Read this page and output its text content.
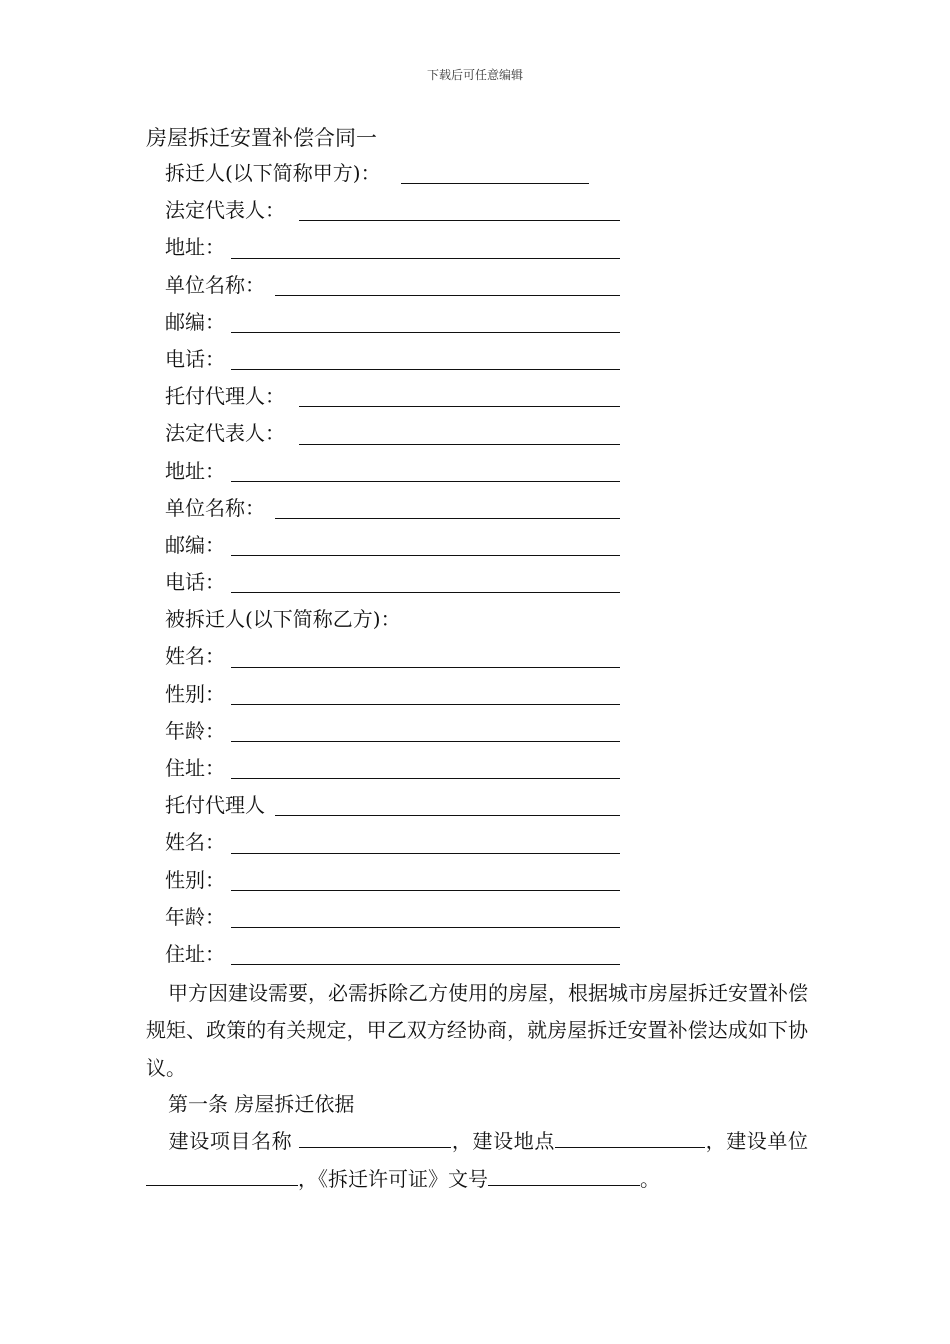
下载后可任意编辑
房屋拆迁安置补偿合同一
拆迁人(以下简称甲方)：
法定代表人：
地址：
单位名称：
邮编：
电话：
托付代理人：
法定代表人：
地址：
单位名称：
邮编：
电话：
被拆迁人(以下简称乙方)：
姓名：
性别：
年龄：
住址：
托付代理人
姓名：
性别：
年龄：
住址：
甲方因建设需要，必需拆除乙方使用的房屋，根据城市房屋拆迁安置补偿规矩、政策的有关规定，甲乙双方经协商，就房屋拆迁安置补偿达成如下协议。
第一条 房屋拆迁依据
建设项目名称	，建设地点	，建设单位，《拆迁许可证》文号	。
